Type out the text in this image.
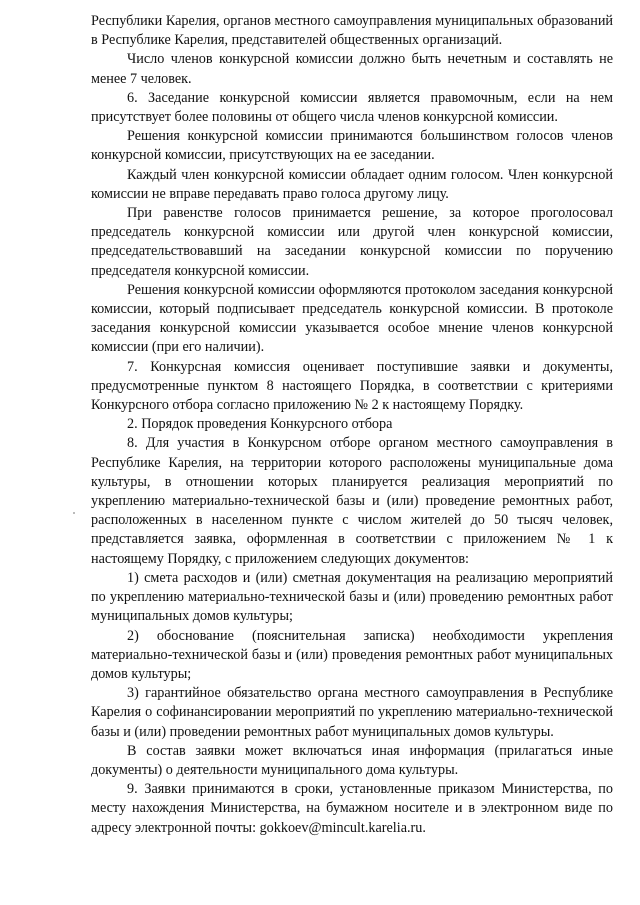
Республики Карелия, органов местного самоуправления муниципальных образований в Республике Карелия, представителей общественных организаций.

Число членов конкурсной комиссии должно быть нечетным и составлять не менее 7 человек.

6. Заседание конкурсной комиссии является правомочным, если на нем присутствует более половины от общего числа членов конкурсной комиссии.

Решения конкурсной комиссии принимаются большинством голосов членов конкурсной комиссии, присутствующих на ее заседании.

Каждый член конкурсной комиссии обладает одним голосом. Член конкурсной комиссии не вправе передавать право голоса другому лицу.

При равенстве голосов принимается решение, за которое проголосовал председатель конкурсной комиссии или другой член конкурсной комиссии, председательствовавший на заседании конкурсной комиссии по поручению председателя конкурсной комиссии.

Решения конкурсной комиссии оформляются протоколом заседания конкурсной комиссии, который подписывает председатель конкурсной комиссии. В протоколе заседания конкурсной комиссии указывается особое мнение членов конкурсной комиссии (при его наличии).

7. Конкурсная комиссия оценивает поступившие заявки и документы, предусмотренные пунктом 8 настоящего Порядка, в соответствии с критериями Конкурсного отбора согласно приложению № 2 к настоящему Порядку.

2. Порядок проведения Конкурсного отбора

8. Для участия в Конкурсном отборе органом местного самоуправления в Республике Карелия, на территории которого расположены муниципальные дома культуры, в отношении которых планируется реализация мероприятий по укреплению материально-технической базы и (или) проведение ремонтных работ, расположенных в населенном пункте с числом жителей до 50 тысяч человек, представляется заявка, оформленная в соответствии с приложением № 1 к настоящему Порядку, с приложением следующих документов:

1) смета расходов и (или) сметная документация на реализацию мероприятий по укреплению материально-технической базы и (или) проведению ремонтных работ муниципальных домов культуры;

2) обоснование (пояснительная записка) необходимости укрепления материально-технической базы и (или) проведения ремонтных работ муниципальных домов культуры;

3) гарантийное обязательство органа местного самоуправления в Республике Карелия о софинансировании мероприятий по укреплению материально-технической базы и (или) проведении ремонтных работ муниципальных домов культуры.

В состав заявки может включаться иная информация (прилагаться иные документы) о деятельности муниципального дома культуры.

9. Заявки принимаются в сроки, установленные приказом Министерства, по месту нахождения Министерства, на бумажном носителе и в электронном виде по адресу электронной почты: gokkoev@mincult.karelia.ru.
